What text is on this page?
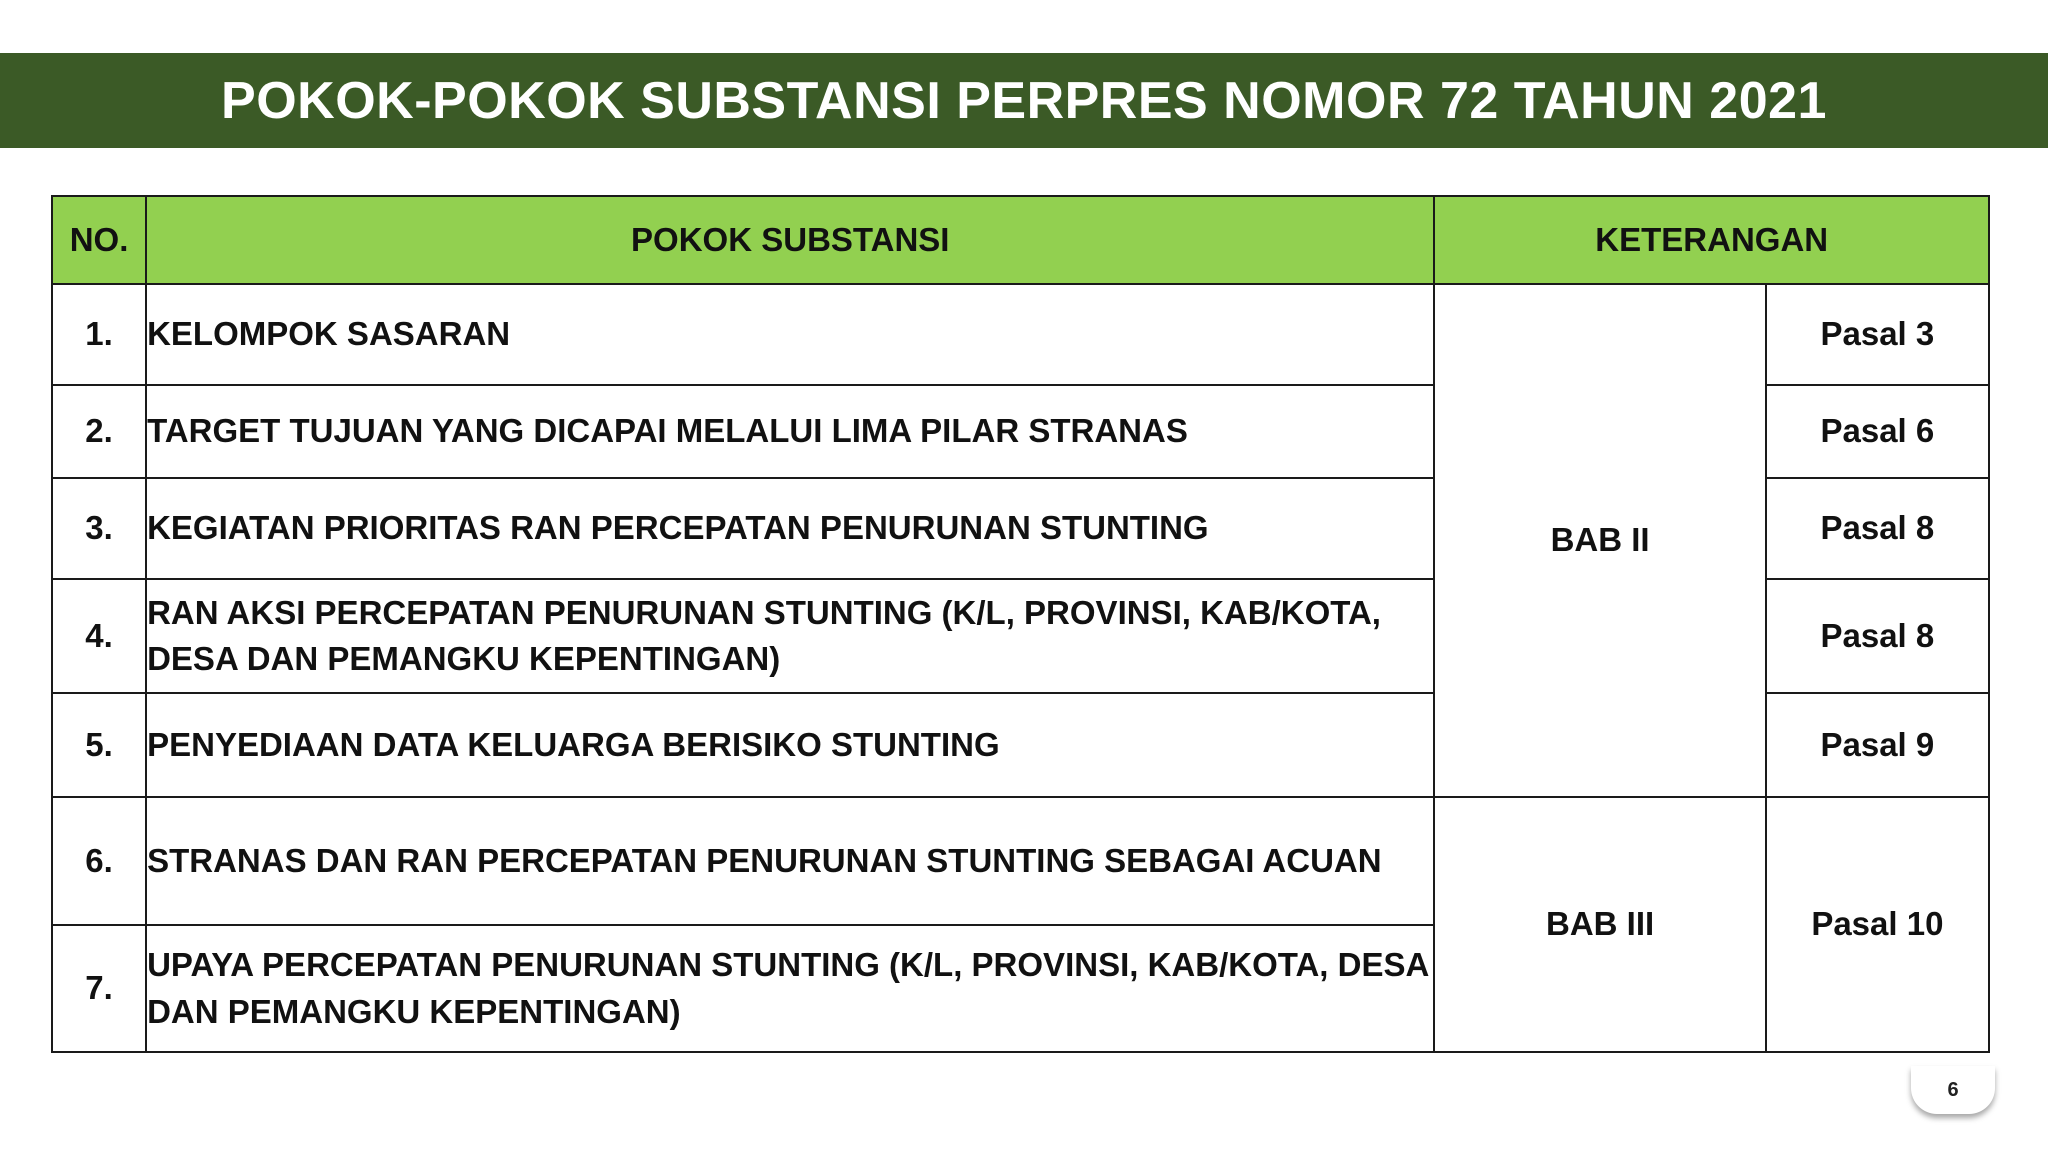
POKOK-POKOK SUBSTANSI PERPRES NOMOR 72 TAHUN 2021
NO.	POKOK SUBSTANSI	KETERANGAN	
1.	KELOMPOK SASARAN	BAB II	Pasal 3
2.	TARGET TUJUAN YANG DICAPAI MELALUI LIMA PILAR STRANAS		Pasal 6
3.	KEGIATAN PRIORITAS RAN PERCEPATAN PENURUNAN STUNTING		Pasal 8
4.	RAN AKSI PERCEPATAN PENURUNAN STUNTING (K/L, PROVINSI, KAB/KOTA, DESA DAN PEMANGKU KEPENTINGAN)		Pasal 8
5.	PENYEDIAAN DATA KELUARGA BERISIKO STUNTING		Pasal 9
6.	STRANAS DAN RAN PERCEPATAN PENURUNAN STUNTING SEBAGAI ACUAN	BAB III	Pasal 10
7.	UPAYA PERCEPATAN PENURUNAN STUNTING (K/L, PROVINSI, KAB/KOTA, DESA DAN PEMANGKU KEPENTINGAN)		
6
